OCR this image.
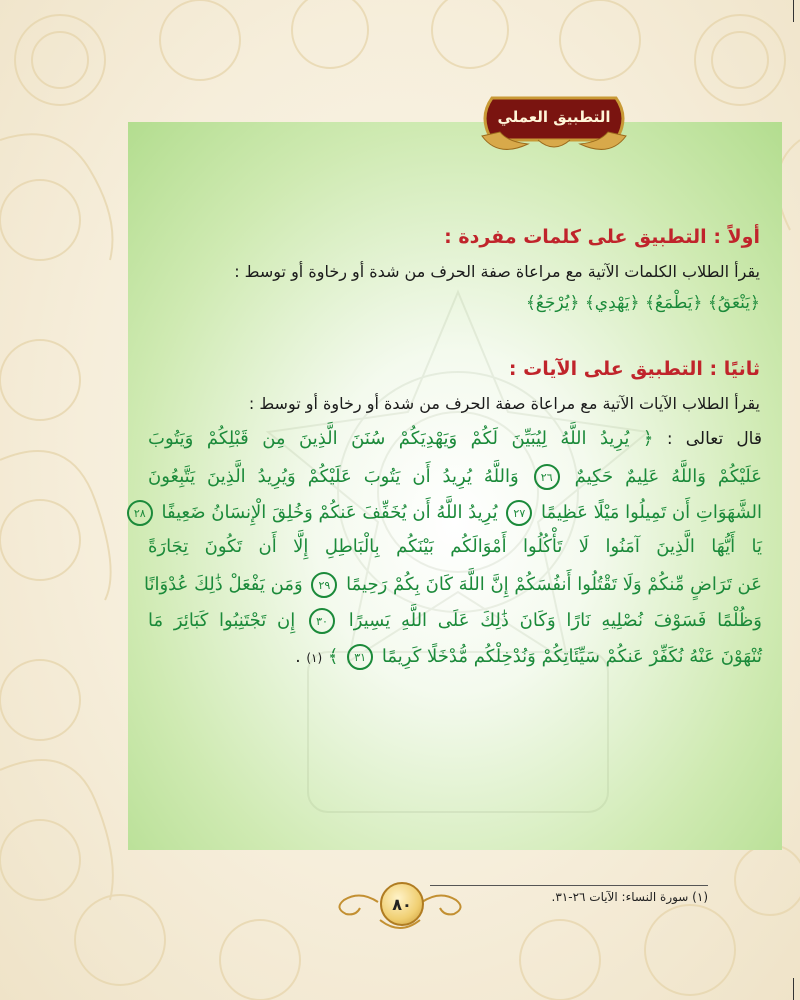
أولاً : التطبيق على كلمات مفردة :
يقرأ الطلاب الكلمات الآتية مع مراعاة صفة الحرف من شدة أو رخاوة أو توسط :
﴿يَنْعَقُ﴾ ﴿يَطْمَعُ﴾ ﴿يَهْدِي﴾ ﴿يُرْجَعُ﴾
ثانيًا : التطبيق على الآيات :
يقرأ الطلاب الآيات الآتية مع مراعاة صفة الحرف من شدة أو رخاوة أو توسط :
قال تعالى : ﴿ يُرِيدُ اللَّهُ لِيُبَيِّنَ لَكُمْ وَيَهْدِيَكُمْ سُنَنَ الَّذِينَ مِن قَبْلِكُمْ وَيَتُوبَ
عَلَيْكُمْ وَاللَّهُ عَلِيمٌ حَكِيمٌ ٢٦ وَاللَّهُ يُرِيدُ أَن يَتُوبَ عَلَيْكُمْ وَيُرِيدُ الَّذِينَ يَتَّبِعُونَ
الشَّهَوَاتِ أَن تَمِيلُوا مَيْلًا عَظِيمًا ٢٧ يُرِيدُ اللَّهُ أَن يُخَفِّفَ عَنكُمْ وَخُلِقَ الْإِنسَانُ ضَعِيفًا ٢٨
يَا أَيُّهَا الَّذِينَ آمَنُوا لَا تَأْكُلُوا أَمْوَالَكُم بَيْنَكُم بِالْبَاطِلِ إِلَّا أَن تَكُونَ تِجَارَةً
عَن تَرَاضٍ مِّنكُمْ وَلَا تَقْتُلُوا أَنفُسَكُمْ إِنَّ اللَّهَ كَانَ بِكُمْ رَحِيمًا ٢٩ وَمَن يَفْعَلْ ذَٰلِكَ عُدْوَانًا
وَظُلْمًا فَسَوْفَ نُصْلِيهِ نَارًا وَكَانَ ذَٰلِكَ عَلَى اللَّهِ يَسِيرًا ٣٠ إِن تَجْتَنِبُوا كَبَائِرَ مَا
تُنْهَوْنَ عَنْهُ نُكَفِّرْ عَنكُمْ سَيِّئَاتِكُمْ وَنُدْخِلْكُم مُّدْخَلًا كَرِيمًا ٣١ ﴾ (١) .
التطبيق العملي
(١) سورة النساء: الآيات ٢٦-٣١.
٨٠
